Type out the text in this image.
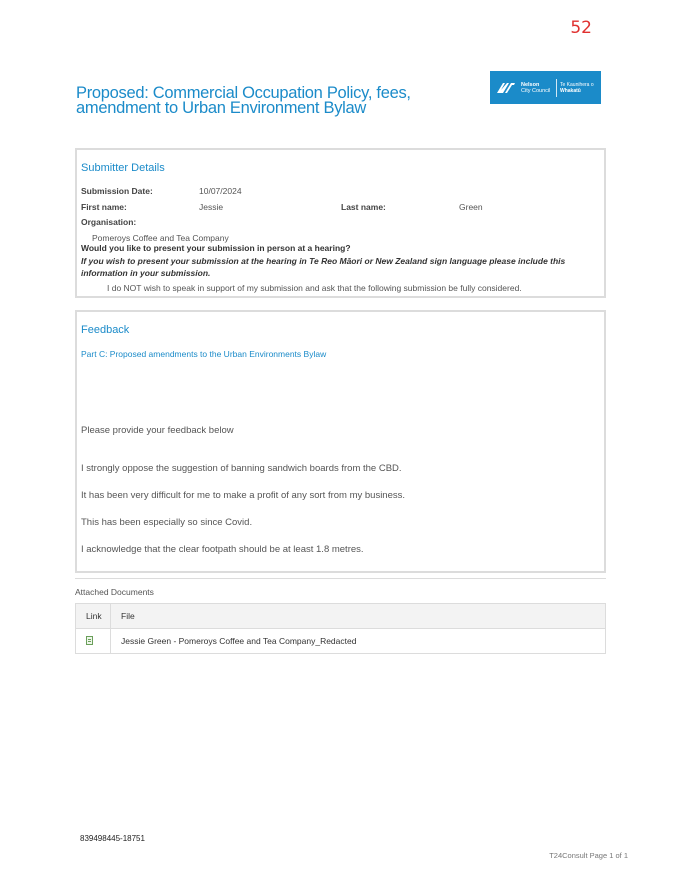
52
Proposed: Commercial Occupation Policy, fees, amendment to Urban Environment Bylaw
Nelson
City Council
Te Kaunihera o
Whakatū
Submitter Details
Submission Date:	10/07/2024
First name:	Jessie	Last name:	Green
Organisation:
Pomeroys Coffee and Tea Company
Would you like to present your submission in person at a hearing?
If you wish to present your submission at the hearing in Te Reo Māori or New Zealand sign language please include this information in your submission.
I do NOT wish to speak in support of my submission and ask that the following submission be fully considered.
Feedback
Part C: Proposed amendments to the Urban Environments Bylaw
Please provide your feedback below
I strongly oppose the suggestion of banning sandwich boards from the CBD.
It has been very difficult for me to make a profit of any sort from my business.
This has been especially so since Covid.
I acknowledge that the clear footpath should be at least 1.8 metres.
Attached Documents
Link	File
	Jessie Green - Pomeroys Coffee and Tea Company_Redacted
839498445-18751
T24Consult Page 1 of 1
